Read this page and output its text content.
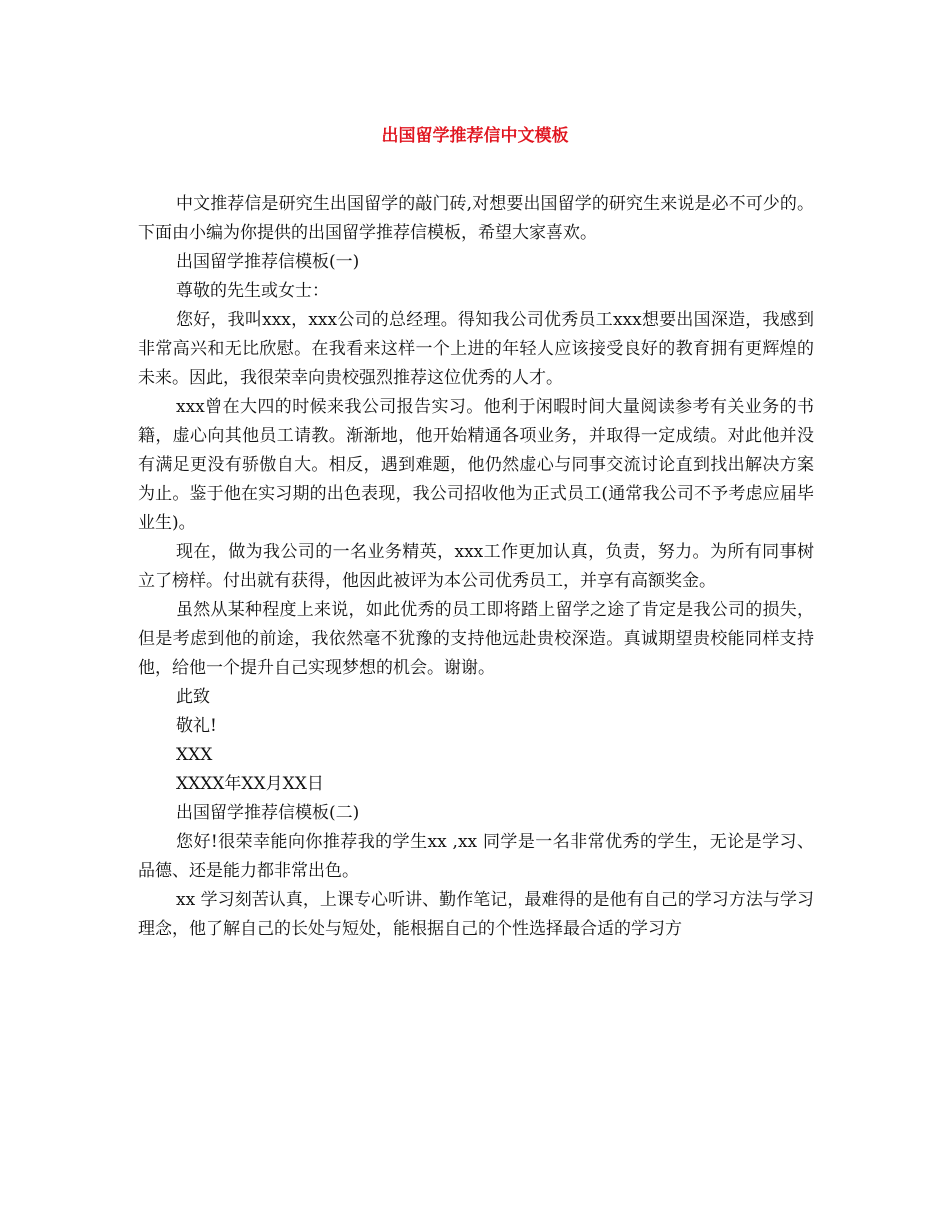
出国留学推荐信中文模板

中文推荐信是研究生出国留学的敲门砖,对想要出国留学的研究生来说是必不可少的。下面由小编为你提供的出国留学推荐信模板，希望大家喜欢。

出国留学推荐信模板(一)

尊敬的先生或女士：

您好，我叫xxx，xxx公司的总经理。得知我公司优秀员工xxx想要出国深造，我感到非常高兴和无比欣慰。在我看来这样一个上进的年轻人应该接受良好的教育拥有更辉煌的未来。因此，我很荣幸向贵校强烈推荐这位优秀的人才。

xxx曾在大四的时候来我公司报告实习。他利于闲暇时间大量阅读参考有关业务的书籍，虚心向其他员工请教。渐渐地，他开始精通各项业务，并取得一定成绩。对此他并没有满足更没有骄傲自大。相反，遇到难题，他仍然虚心与同事交流讨论直到找出解决方案为止。鉴于他在实习期的出色表现，我公司招收他为正式员工(通常我公司不予考虑应届毕业生)。

现在，做为我公司的一名业务精英，xxx工作更加认真，负责，努力。为所有同事树立了榜样。付出就有获得，他因此被评为本公司优秀员工，并享有高额奖金。

虽然从某种程度上来说，如此优秀的员工即将踏上留学之途了肯定是我公司的损失，但是考虑到他的前途，我依然毫不犹豫的支持他远赴贵校深造。真诚期望贵校能同样支持他，给他一个提升自己实现梦想的机会。谢谢。

此致

敬礼!

XXX

XXXX年XX月XX日

出国留学推荐信模板(二)

您好!很荣幸能向你推荐我的学生xx ,xx 同学是一名非常优秀的学生，无论是学习、品德、还是能力都非常出色。

xx 学习刻苦认真，上课专心听讲、勤作笔记，最难得的是他有自己的学习方法与学习理念，他了解自己的长处与短处，能根据自己的个性选择最合适的学习方
